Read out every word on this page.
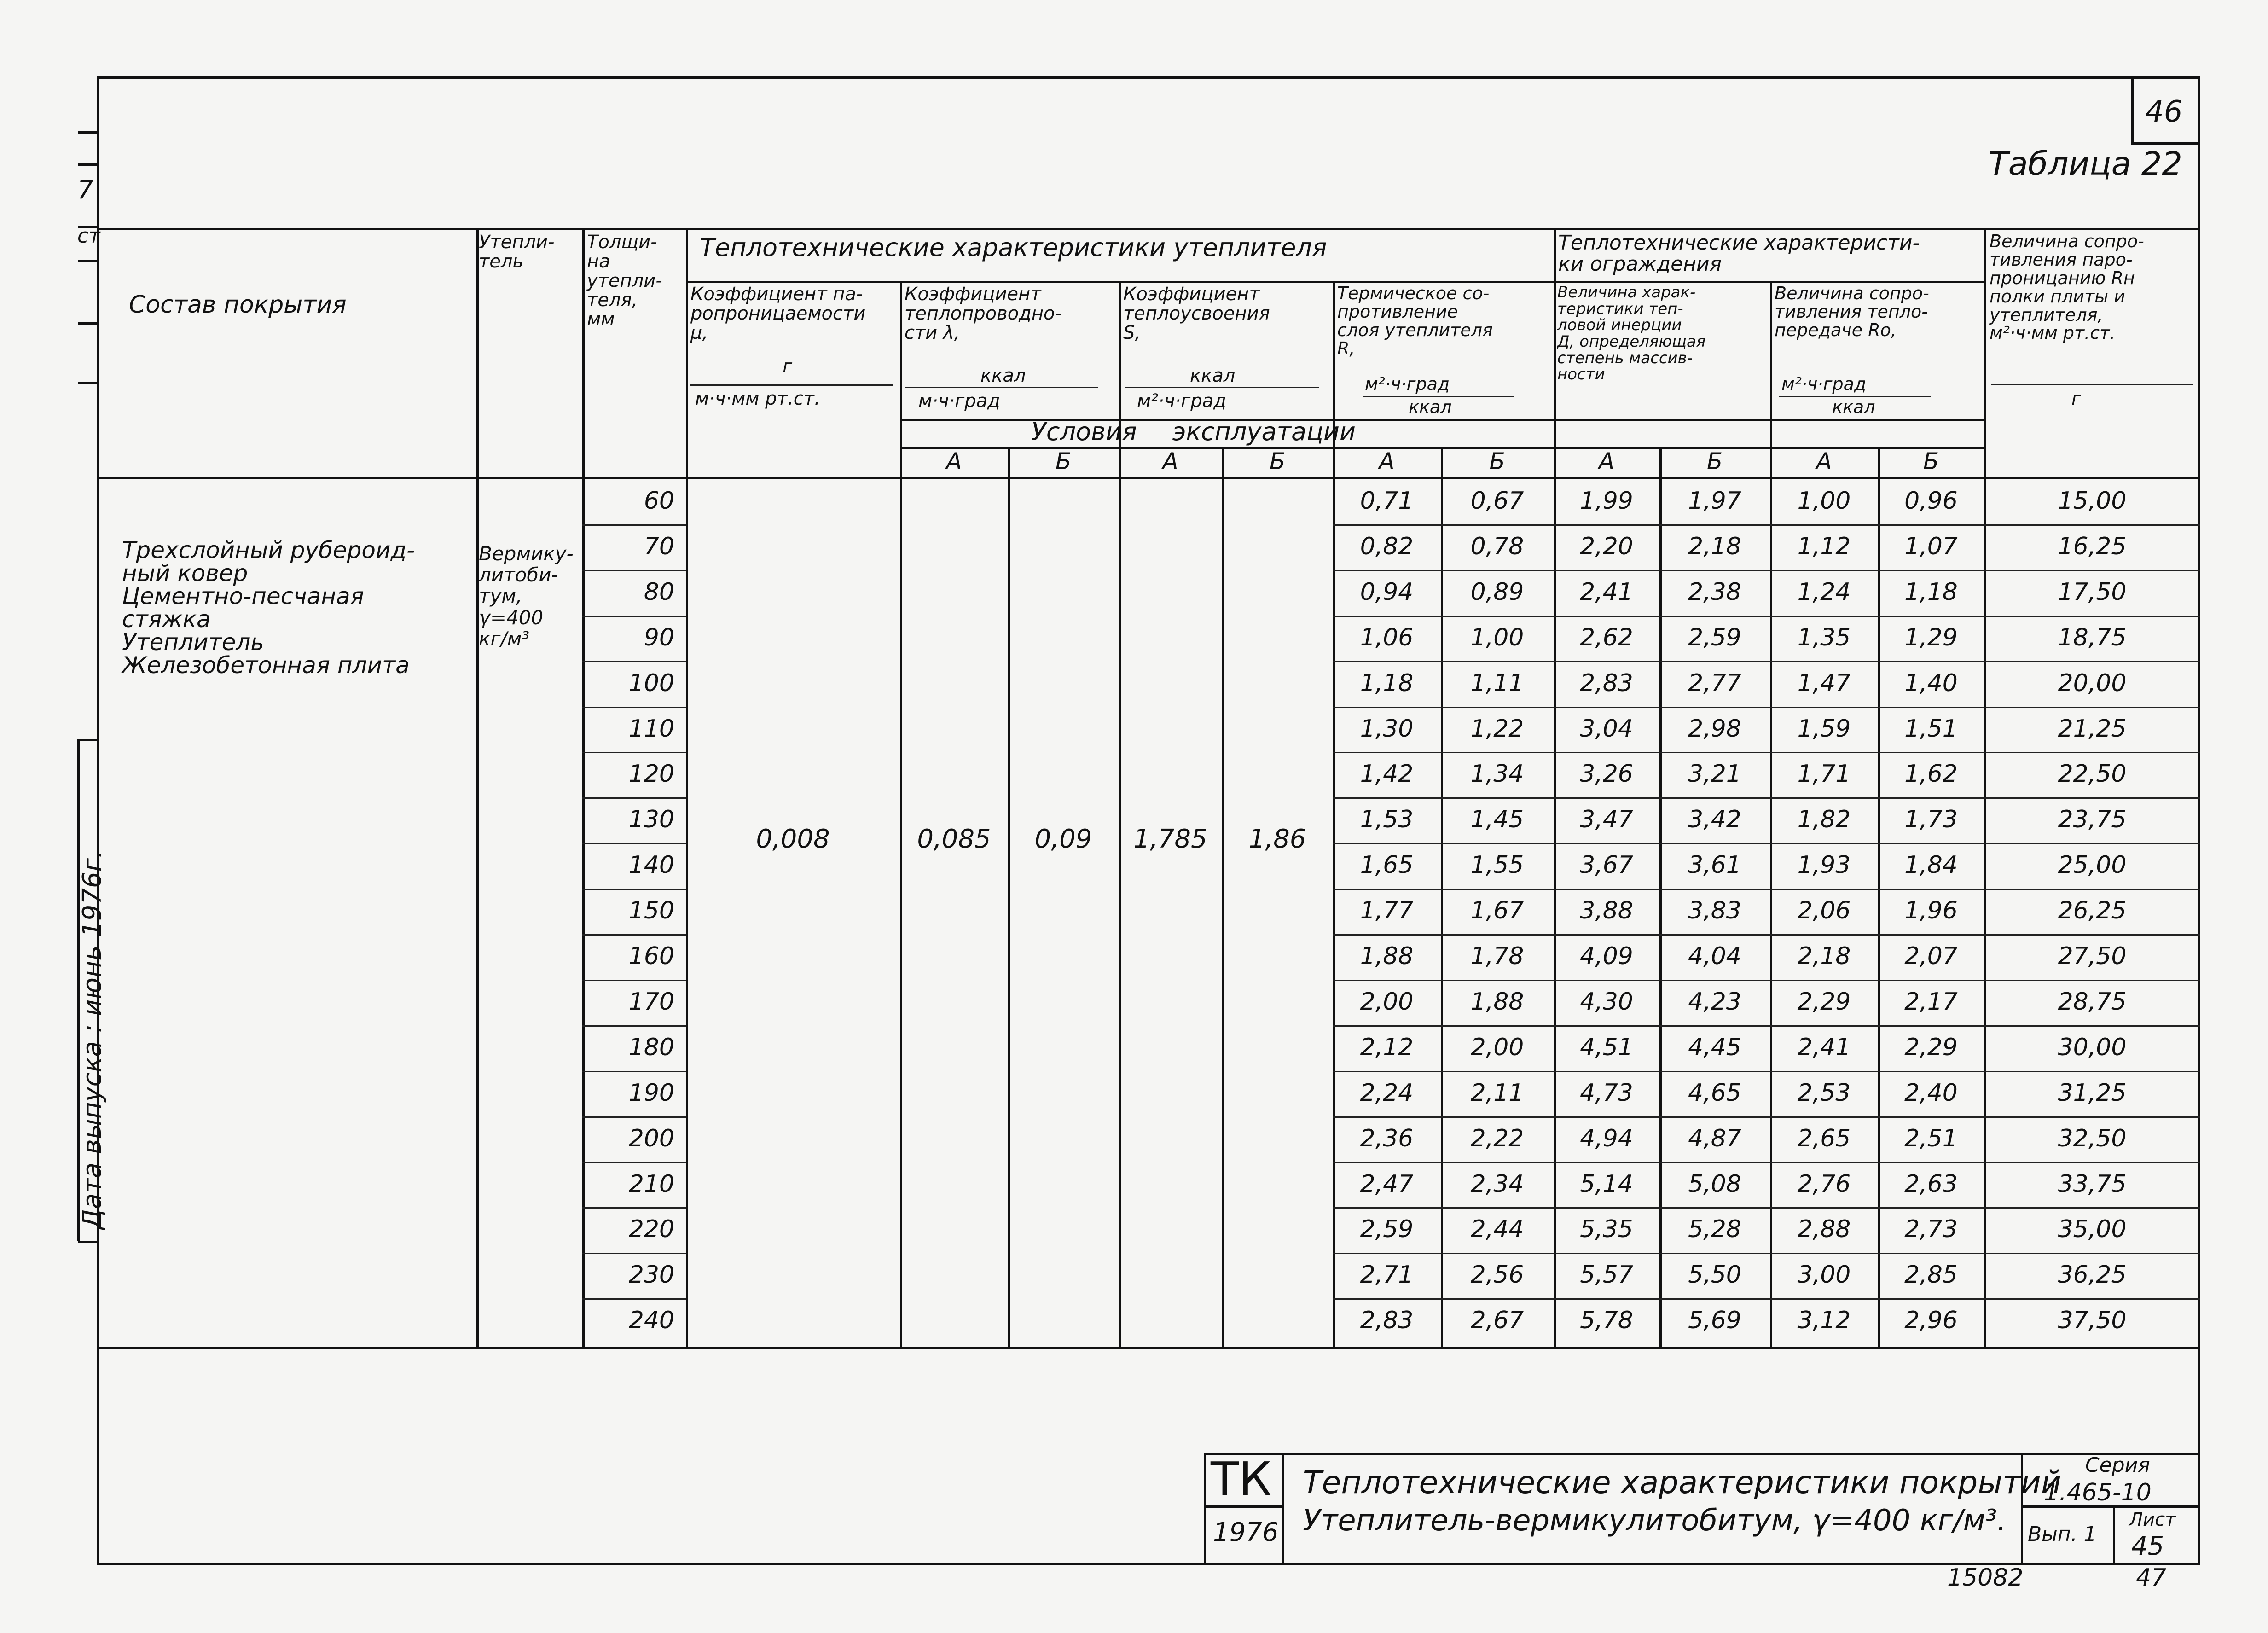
7
ст
Дата выпуска : июнь 1976г.
46
Таблица 22
Состав покрытия
Утепли-
тель
Толщи-
на
утепли-
теля,
мм
Теплотехнические характеристики утеплителя	Теплотехнические характеристи-
ки ограждения
Величина сопро-
тивления паро-
проницанию Rн
полки плиты и
утеплителя,
м²·ч·мм рт.ст.
г
Коэффициент па-
ропроницаемости
μ,
г
м·ч·мм рт.ст.
Коэффициент
теплопроводно-
сти λ,
ккал
м·ч·град
Коэффициент
теплоусвоения
S,
ккал
м²·ч·град
Термическое со-
противление
слоя утеплителя
R,
м²·ч·град
ккал
Величина харак-
теристики теп-
ловой инерции
Д, определяющая
степень массив-
ности
Величина сопро-
тивления тепло-
передаче Ro,
м²·ч·град
ккал
Условия эксплуатации
А	Б	А	Б	А	Б	А	Б	А	Б
Трехслойный рубероид-
ный ковер
Цементно-песчаная
стяжка
Утеплитель
Железобетонная плита
Вермику-
литоби-
тум,
γ=400
кг/м³
0,008	0,085	0,09	1,785	1,86
60	0,71	0,67	1,99	1,97	1,00	0,96	15,00
70	0,82	0,78	2,20	2,18	1,12	1,07	16,25
80	0,94	0,89	2,41	2,38	1,24	1,18	17,50
90	1,06	1,00	2,62	2,59	1,35	1,29	18,75
100	1,18	1,11	2,83	2,77	1,47	1,40	20,00
110	1,30	1,22	3,04	2,98	1,59	1,51	21,25
120	1,42	1,34	3,26	3,21	1,71	1,62	22,50
130	1,53	1,45	3,47	3,42	1,82	1,73	23,75
140	1,65	1,55	3,67	3,61	1,93	1,84	25,00
150	1,77	1,67	3,88	3,83	2,06	1,96	26,25
160	1,88	1,78	4,09	4,04	2,18	2,07	27,50
170	2,00	1,88	4,30	4,23	2,29	2,17	28,75
180	2,12	2,00	4,51	4,45	2,41	2,29	30,00
190	2,24	2,11	4,73	4,65	2,53	2,40	31,25
200	2,36	2,22	4,94	4,87	2,65	2,51	32,50
210	2,47	2,34	5,14	5,08	2,76	2,63	33,75
220	2,59	2,44	5,35	5,28	2,88	2,73	35,00
230	2,71	2,56	5,57	5,50	3,00	2,85	36,25
240	2,83	2,67	5,78	5,69	3,12	2,96	37,50
ТК
1976
Теплотехнические характеристики покрытий
Утеплитель-вермикулитобитум, γ=400 кг/м³.
Серия
1.465-10
Вып. 1
Лист
45
15082	47
